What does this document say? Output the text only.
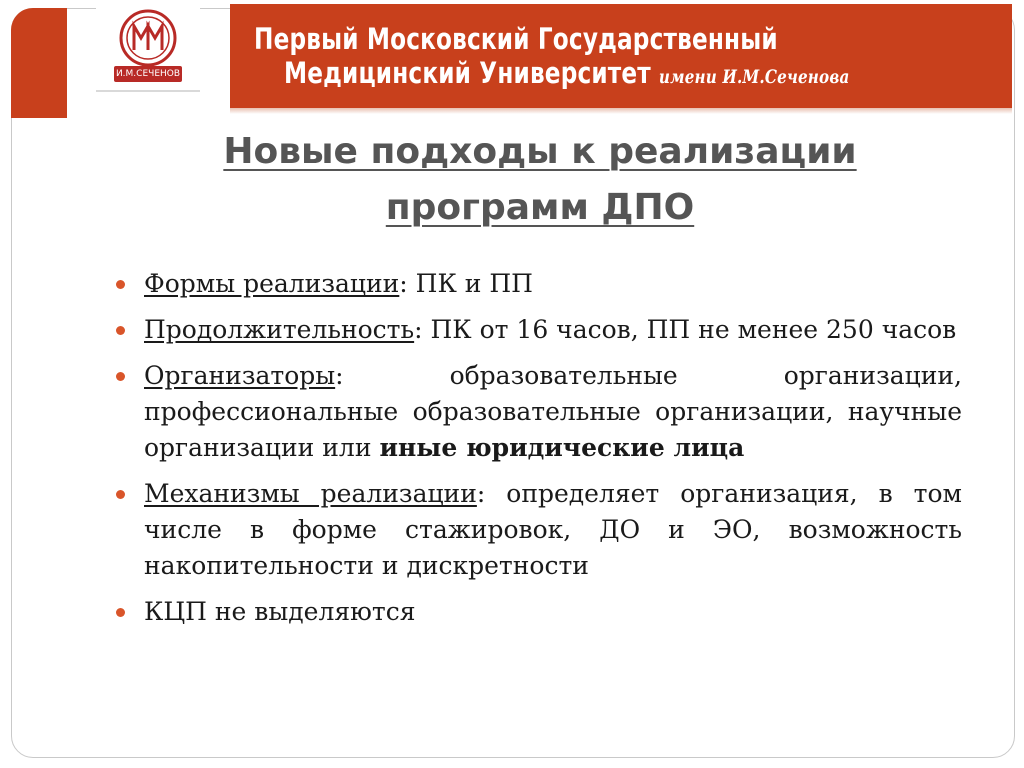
И.М.СЕЧЕНОВ
Первый Московский Государственный
Медицинский Университет имени И.М.Сеченова
Новые подходы к реализации
программ ДПО
Формы реализации: ПК и ПП
Продолжительность: ПК от 16 часов, ПП не менее 250 часов
Организаторы: образовательные организации, профессиональные образовательные организации, научные организации или иные юридические лица
Механизмы реализации: определяет организация, в том числе в форме стажировок, ДО и ЭО, возможность накопительности и дискретности
КЦП не выделяются
